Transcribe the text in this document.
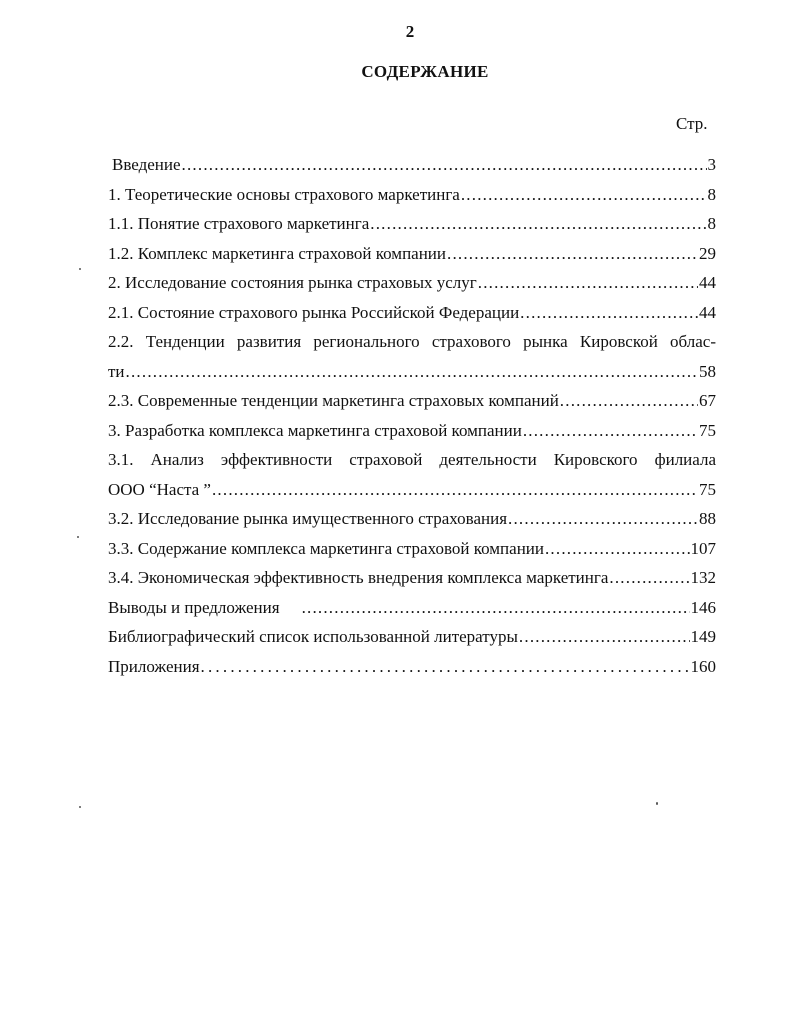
2
СОДЕРЖАНИЕ
Стр.
Введение .....	3
1. Теоретические основы страхового маркетинга .....	8
1.1. Понятие страхового маркетинга .....	8
1.2. Комплекс маркетинга страховой компании .....	29
2. Исследование состояния рынка страховых услуг .....	44
2.1. Состояние страхового рынка Российской Федерации .....	44
2.2. Тенденции развития регионального страхового рынка Кировской облас-
ти .....	58
2.3. Современные тенденции маркетинга страховых компаний .....	67
3. Разработка комплекса маркетинга страховой компании .....	75
3.1. Анализ эффективности страховой деятельности Кировского филиала
ООО “Наста ” .....	75
3.2. Исследование рынка имущественного страхования .....	88
3.3. Содержание комплекса маркетинга страховой компании .....	107
3.4. Экономическая эффективность внедрения комплекса маркетинга .....	132
Выводы и предложения .....	146
Библиографический список использованной литературы .....	149
Приложения .....	160
